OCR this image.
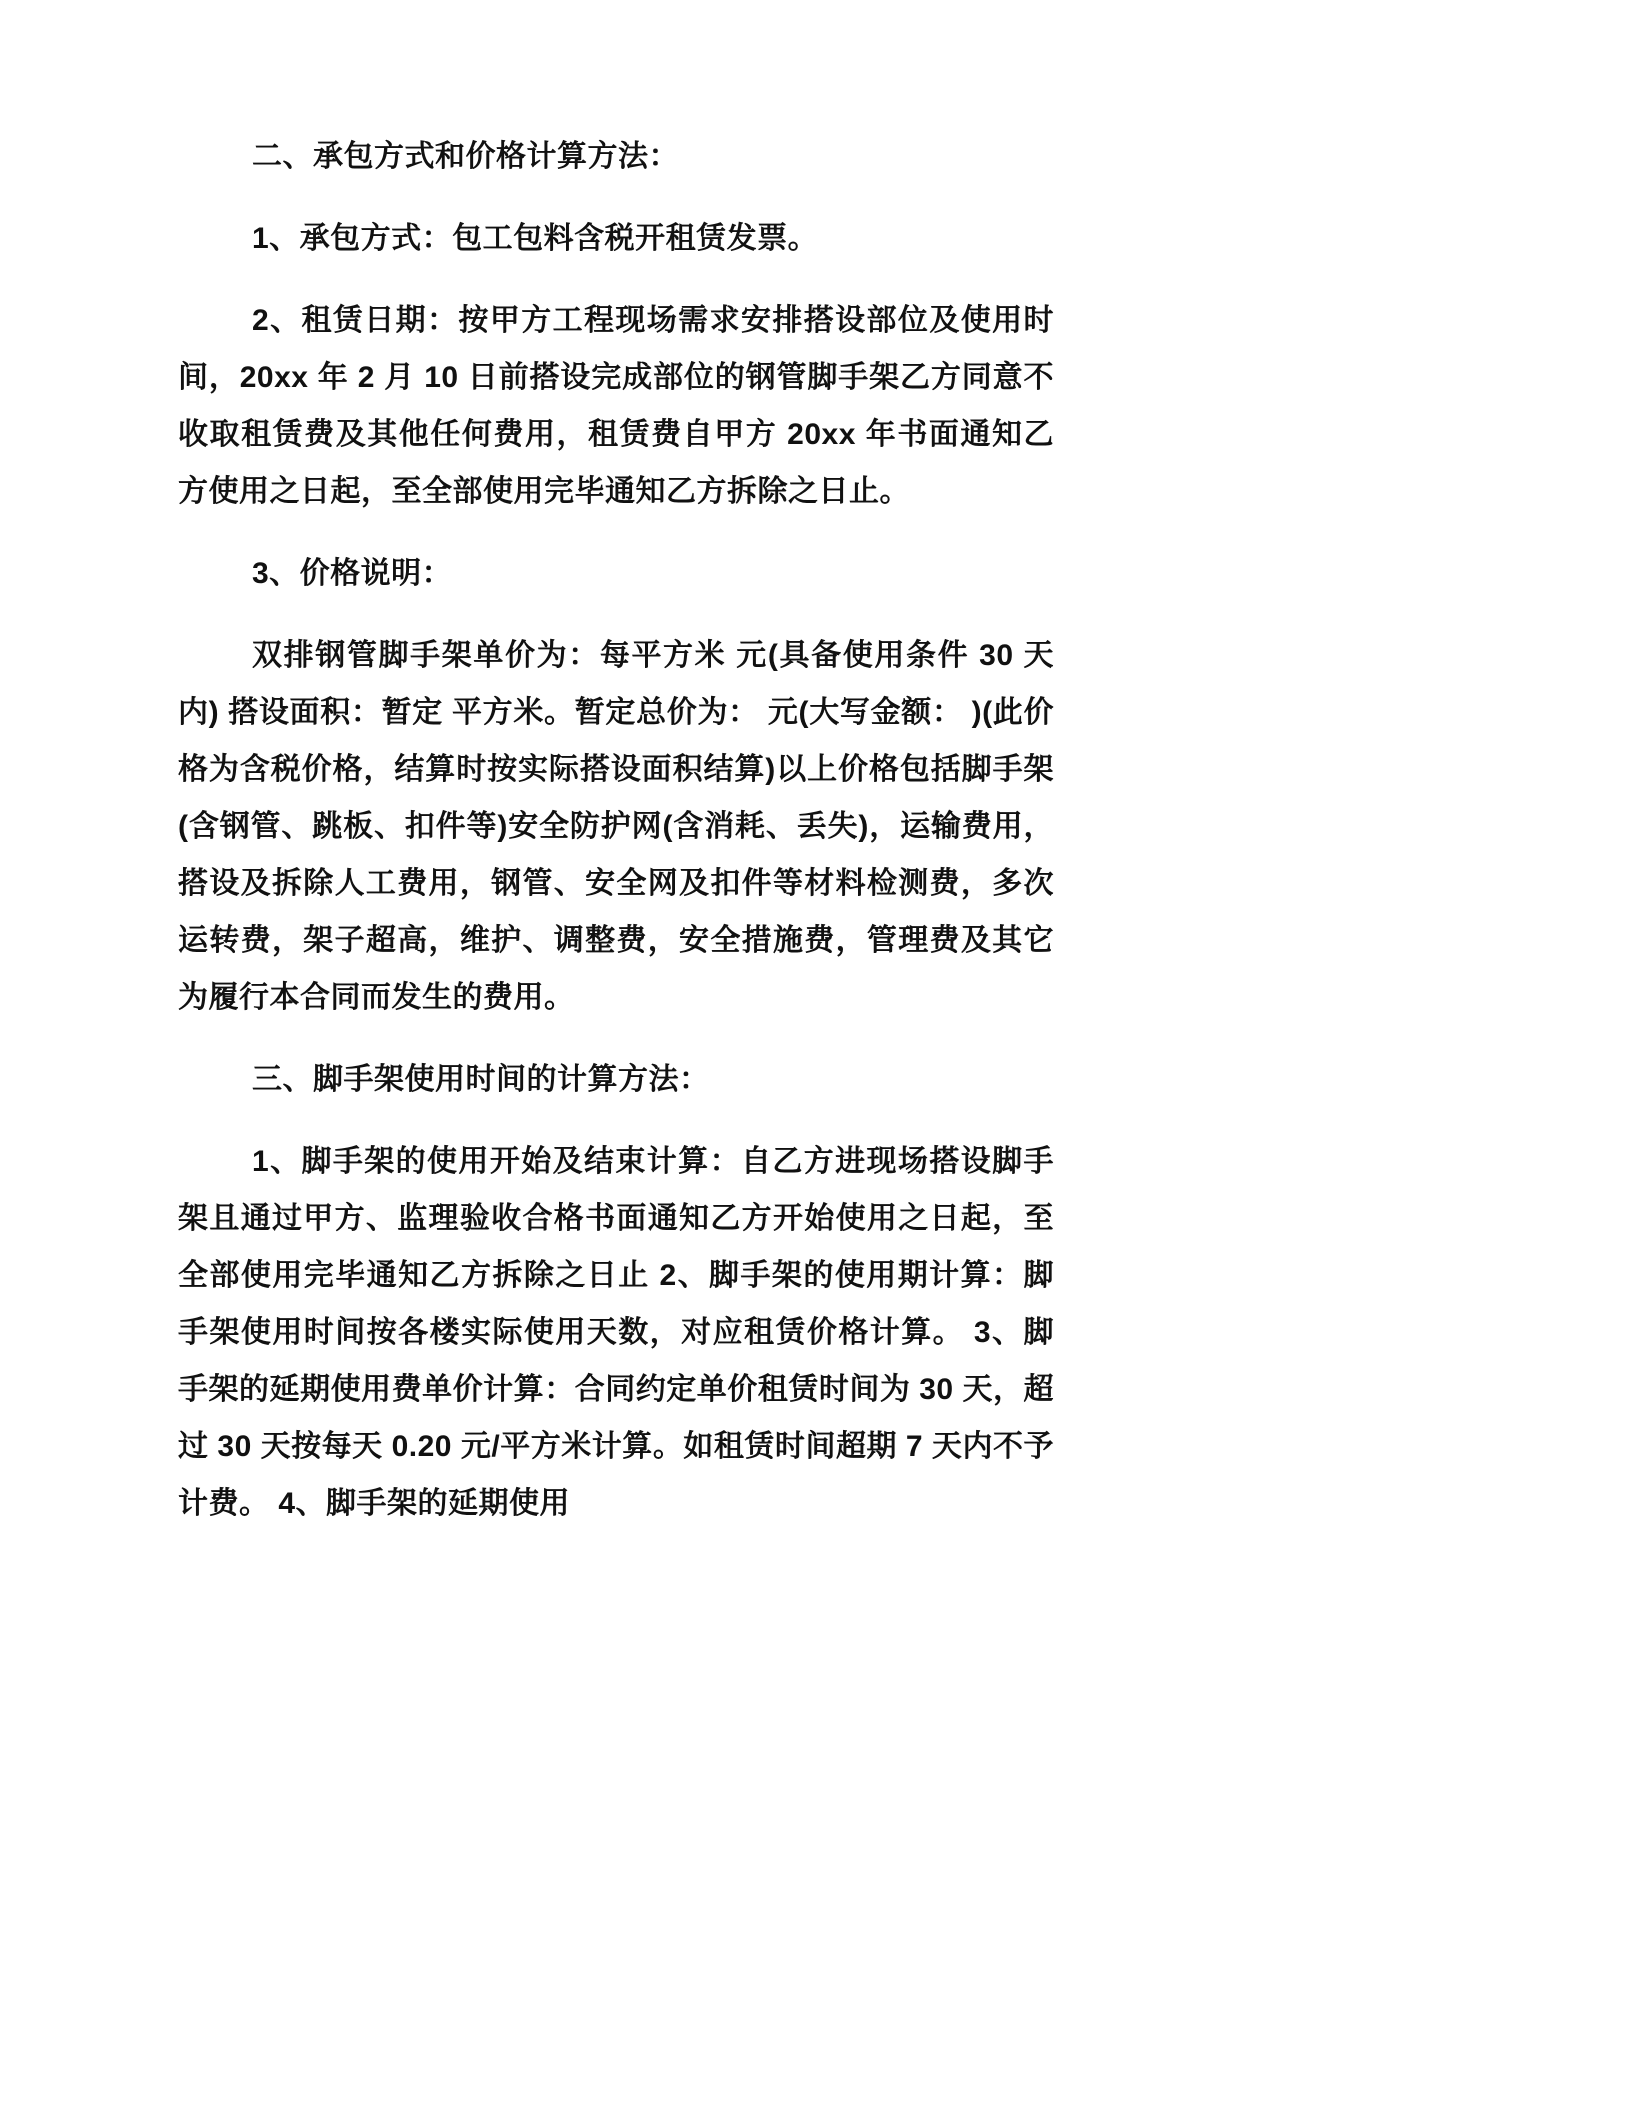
二、承包方式和价格计算方法：

1、承包方式：包工包料含税开租赁发票。

2、租赁日期：按甲方工程现场需求安排搭设部位及使用时间，20xx 年 2 月 10 日前搭设完成部位的钢管脚手架乙方同意不收取租赁费及其他任何费用，租赁费自甲方 20xx 年书面通知乙方使用之日起，至全部使用完毕通知乙方拆除之日止。

3、价格说明：

双排钢管脚手架单价为：每平方米 元(具备使用条件 30 天内) 搭设面积：暂定 平方米。暂定总价为： 元(大写金额： )(此价格为含税价格，结算时按实际搭设面积结算)以上价格包括脚手架(含钢管、跳板、扣件等)安全防护网(含消耗、丢失)，运输费用，搭设及拆除人工费用，钢管、安全网及扣件等材料检测费，多次运转费，架子超高，维护、调整费，安全措施费，管理费及其它为履行本合同而发生的费用。

三、脚手架使用时间的计算方法：

1、脚手架的使用开始及结束计算：自乙方进现场搭设脚手架且通过甲方、监理验收合格书面通知乙方开始使用之日起，至全部使用完毕通知乙方拆除之日止 2、脚手架的使用期计算：脚手架使用时间按各楼实际使用天数，对应租赁价格计算。 3、脚手架的延期使用费单价计算：合同约定单价租赁时间为 30 天，超过 30 天按每天 0.20 元/平方米计算。如租赁时间超期 7 天内不予计费。 4、脚手架的延期使用
